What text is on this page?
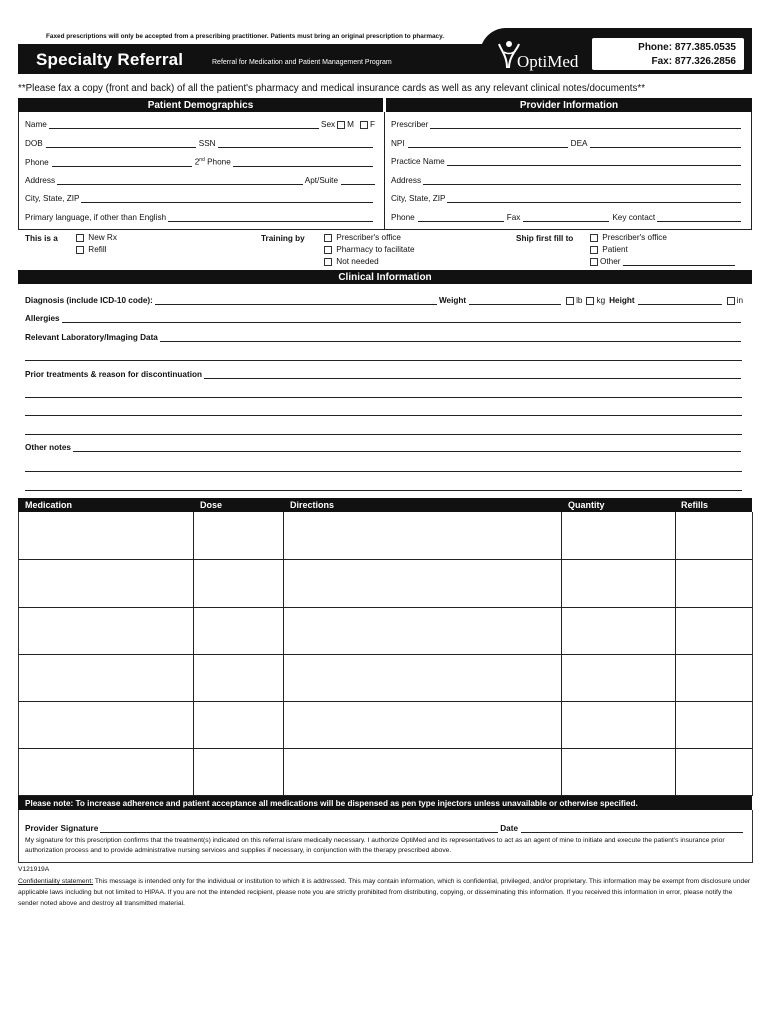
Faxed prescriptions will only be accepted from a prescribing practitioner. Patients must bring an original prescription to pharmacy.
Specialty Referral	Referral for Medication and Patient Management Program	OptiMed
Phone: 877.385.0535
Fax: 877.326.2856
**Please fax a copy (front and back) of all the patient's pharmacy and medical insurance cards as well as any relevant clinical notes/documents**
Patient Demographics	Provider Information
Name	Sex M F
DOB	SSN
Phone	2nd Phone
Address	Apt/Suite
City, State, ZIP
Primary language, if other than English
Prescriber
NPI	DEA
Practice Name
Address
City, State, ZIP
Phone	Fax	Key contact
This is a	New Rx
Refill
Training by	Prescriber's office
Pharmacy to facilitate
Not needed
Ship first fill to	Prescriber's office
Patient
Other
Clinical Information
Diagnosis (include ICD-10 code):	Weight	lb kg Height	in
Allergies
Relevant Laboratory/Imaging Data
Prior treatments & reason for discontinuation
Other notes
Medication	Dose	Directions	Quantity	Refills
Please note: To increase adherence and patient acceptance all medications will be dispensed as pen type injectors unless unavailable or otherwise specified.
Provider Signature	Date
My signature for this prescription confirms that the treatment(s) indicated on this referral is/are medically necessary. I authorize OptiMed and its representatives to act as an agent of mine to initiate and execute the patient's insurance prior authorization process and to provide administrative nursing services and supplies if necessary, in conjunction with the therapy prescribed above.
V121919A
Confidentiality statement: This message is intended only for the individual or institution to which it is addressed. This may contain information, which is confidential, privileged, and/or proprietary. This information may be exempt from disclosure under applicable laws including but not limited to HIPAA. If you are not the intended recipient, please note you are strictly prohibited from distributing, copying, or disseminating this information. If you received this information in error, please notify the sender noted above and destroy all transmitted material.
